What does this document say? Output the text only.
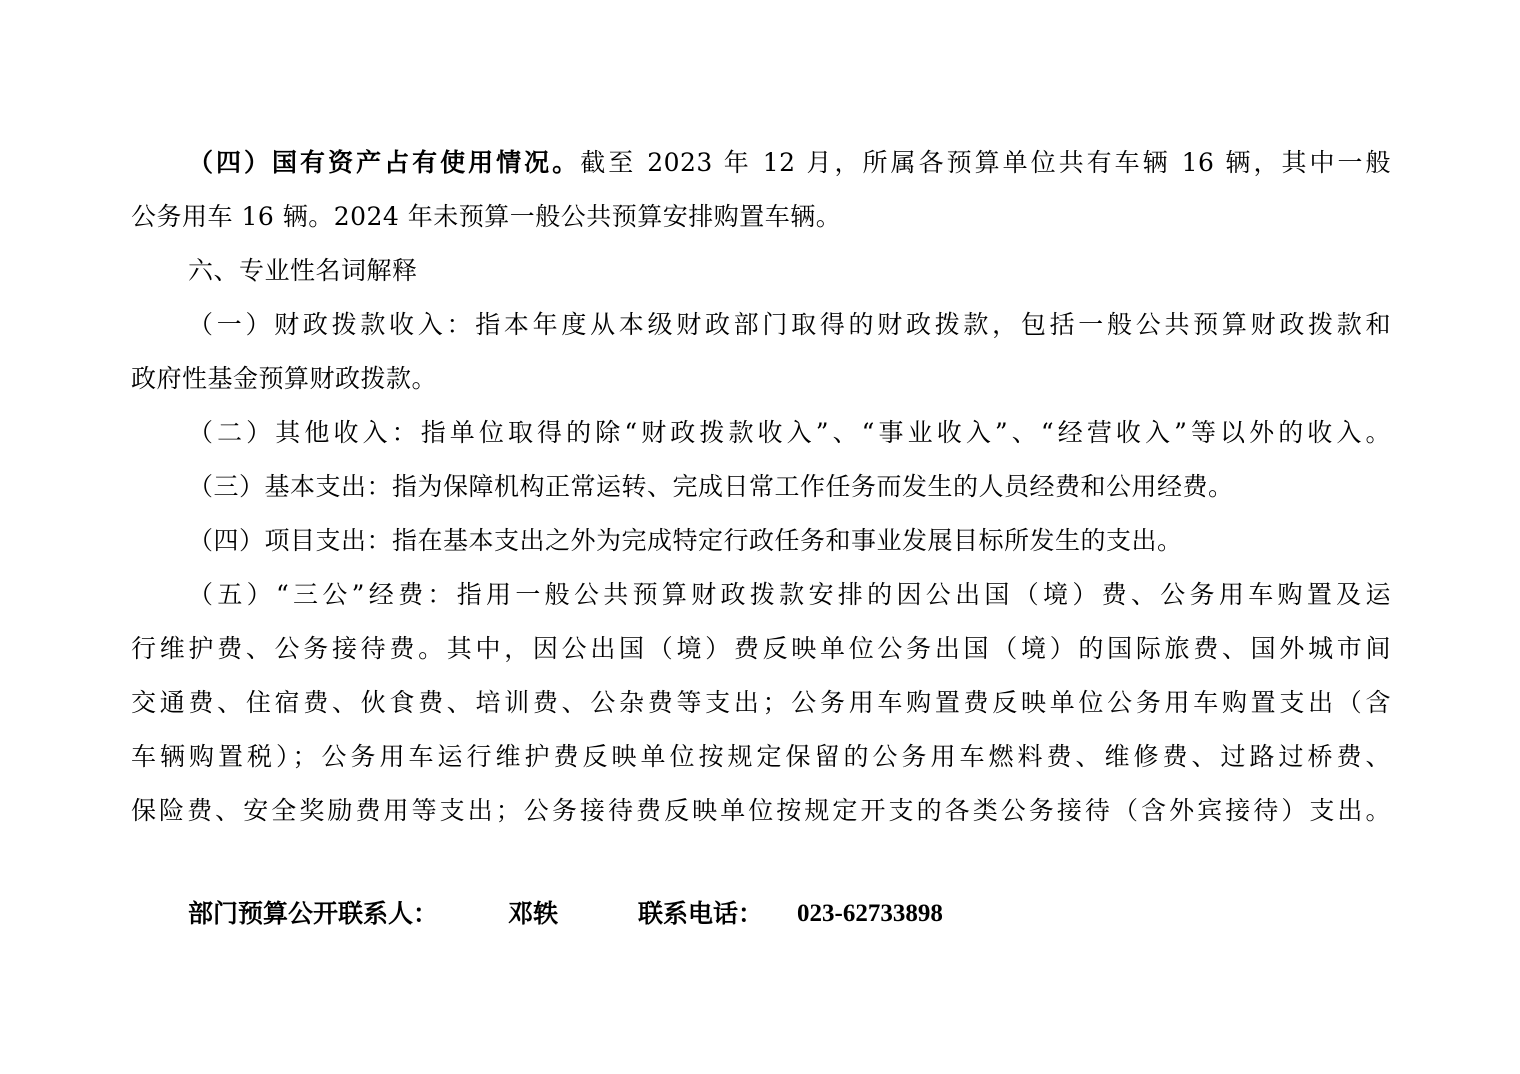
（四）国有资产占有使用情况。截至 2023 年 12 月，所属各预算单位共有车辆 16 辆，其中一般
公务用车 16 辆。2024 年未预算一般公共预算安排购置车辆。
六、专业性名词解释
（一）财政拨款收入：指本年度从本级财政部门取得的财政拨款，包括一般公共预算财政拨款和
政府性基金预算财政拨款。
（二）其他收入：指单位取得的除“财政拨款收入”、“事业收入”、“经营收入”等以外的收入。
（三）基本支出：指为保障机构正常运转、完成日常工作任务而发生的人员经费和公用经费。
（四）项目支出：指在基本支出之外为完成特定行政任务和事业发展目标所发生的支出。
（五）“三公”经费：指用一般公共预算财政拨款安排的因公出国（境）费、公务用车购置及运
行维护费、公务接待费。其中，因公出国（境）费反映单位公务出国（境）的国际旅费、国外城市间
交通费、住宿费、伙食费、培训费、公杂费等支出；公务用车购置费反映单位公务用车购置支出（含
车辆购置税）；公务用车运行维护费反映单位按规定保留的公务用车燃料费、维修费、过路过桥费、
保险费、安全奖励费用等支出；公务接待费反映单位按规定开支的各类公务接待（含外宾接待）支出。
部门预算公开联系人：	邓轶	联系电话： 023-62733898
